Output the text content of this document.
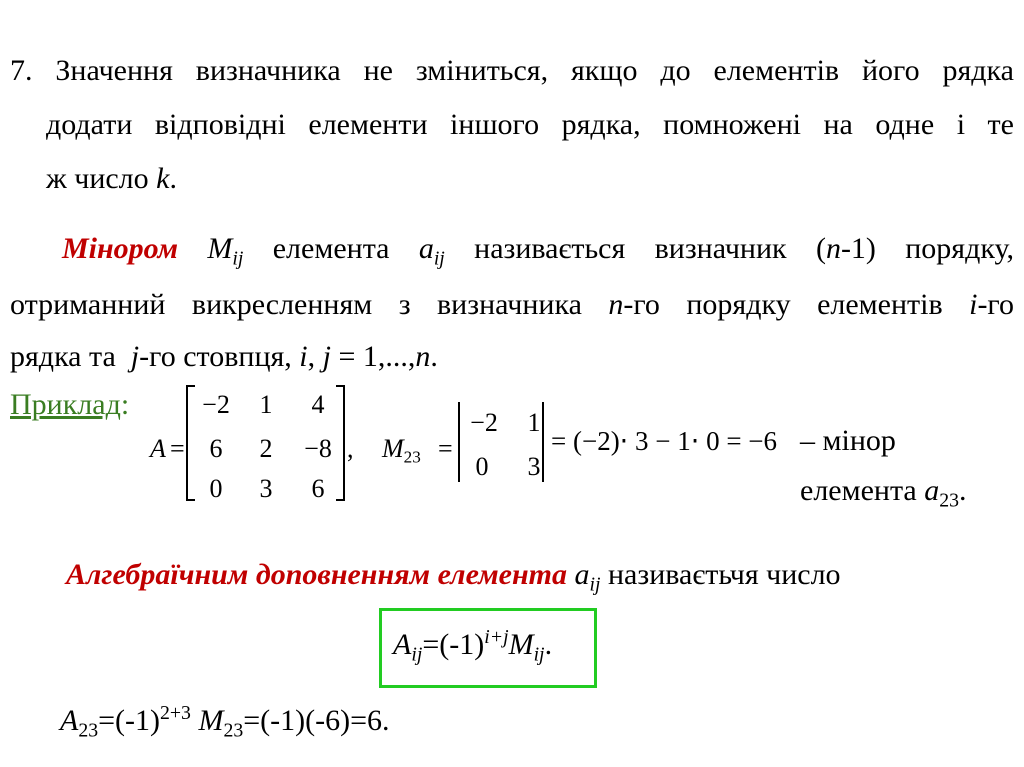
7. Значення визначника не зміниться, якщо до елементів його рядка
додати відповідні елементи іншого рядка, помножені на одне і те
ж число k.
Мінором $M_{ij}$ елемента $a_{ij}$ називається визначник (n-1) порядку,
отриманний викресленням з визначника n-го порядку елементів i-го
рядка та  j-го стовпця, i, j = 1,...,n.
Приклад:
A =
−2	1	4
6	2	−8
0	3	6
, $M_{23}$ =
−2	1
0	3
= (−2)⋅ 3 − 1⋅ 0 = −6 – мінор
елемента $a_{23}$.
Алгебраїчним доповненням елемента $a_{ij}$ називаєтьчя число
$A_{ij}=(-1)^{i+j}M_{ij}$.
$A_{23}=(-1)^{2+3}$ $M_{23}=(-1)(-6)=6$.
